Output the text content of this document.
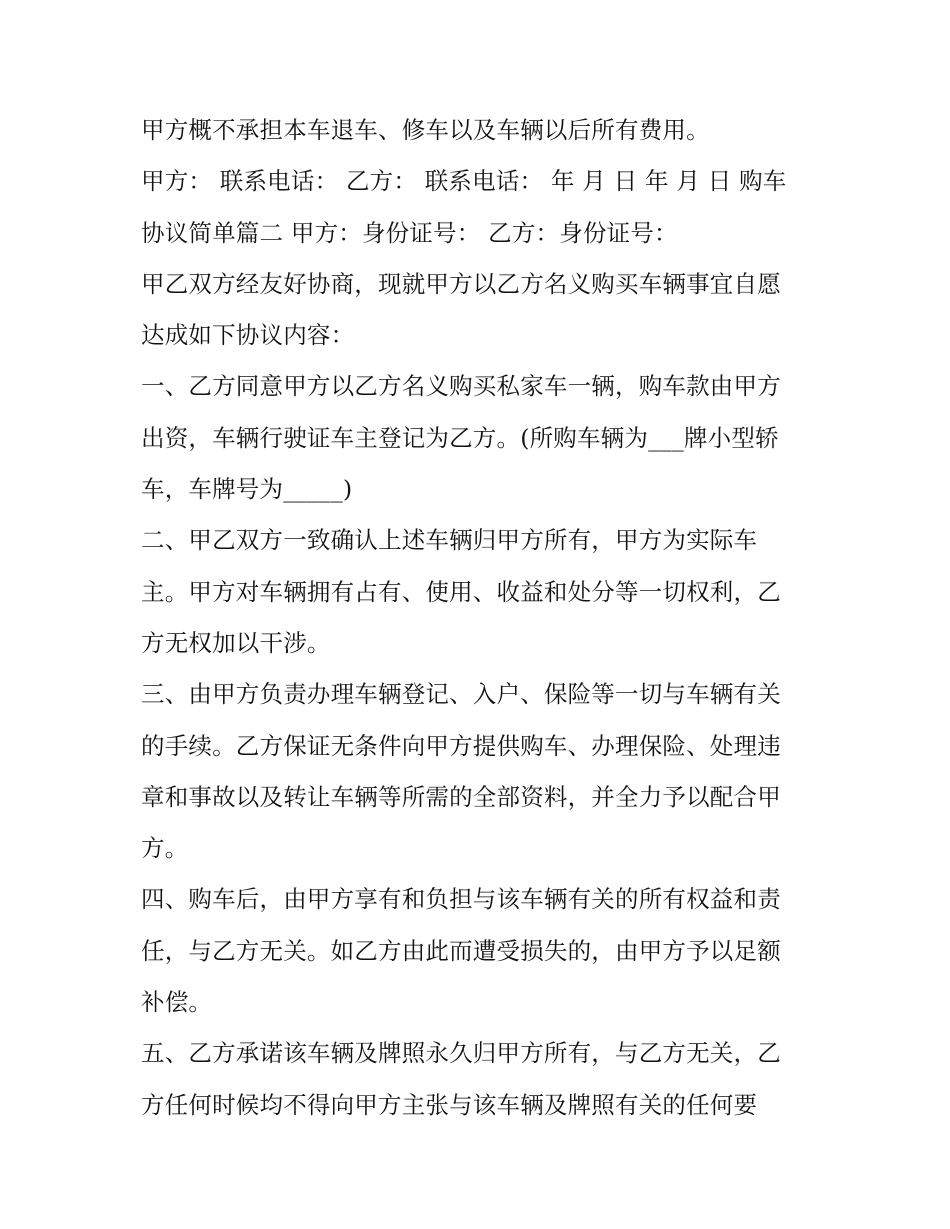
甲方概不承担本车退车、修车以及车辆以后所有费用。
甲方： 联系电话： 乙方： 联系电话： 年 月 日 年 月 日 购车
协议简单篇二 甲方：身份证号： 乙方：身份证号：
甲乙双方经友好协商，现就甲方以乙方名义购买车辆事宜自愿
达成如下协议内容：
一、乙方同意甲方以乙方名义购买私家车一辆，购车款由甲方
出资，车辆行驶证车主登记为乙方。(所购车辆为___牌小型轿
车，车牌号为_____)
二、甲乙双方一致确认上述车辆归甲方所有，甲方为实际车
主。甲方对车辆拥有占有、使用、收益和处分等一切权利，乙
方无权加以干涉。
三、由甲方负责办理车辆登记、入户、保险等一切与车辆有关
的手续。乙方保证无条件向甲方提供购车、办理保险、处理违
章和事故以及转让车辆等所需的全部资料，并全力予以配合甲
方。
四、购车后，由甲方享有和负担与该车辆有关的所有权益和责
任，与乙方无关。如乙方由此而遭受损失的，由甲方予以足额
补偿。
五、乙方承诺该车辆及牌照永久归甲方所有，与乙方无关，乙
方任何时候均不得向甲方主张与该车辆及牌照有关的任何要
